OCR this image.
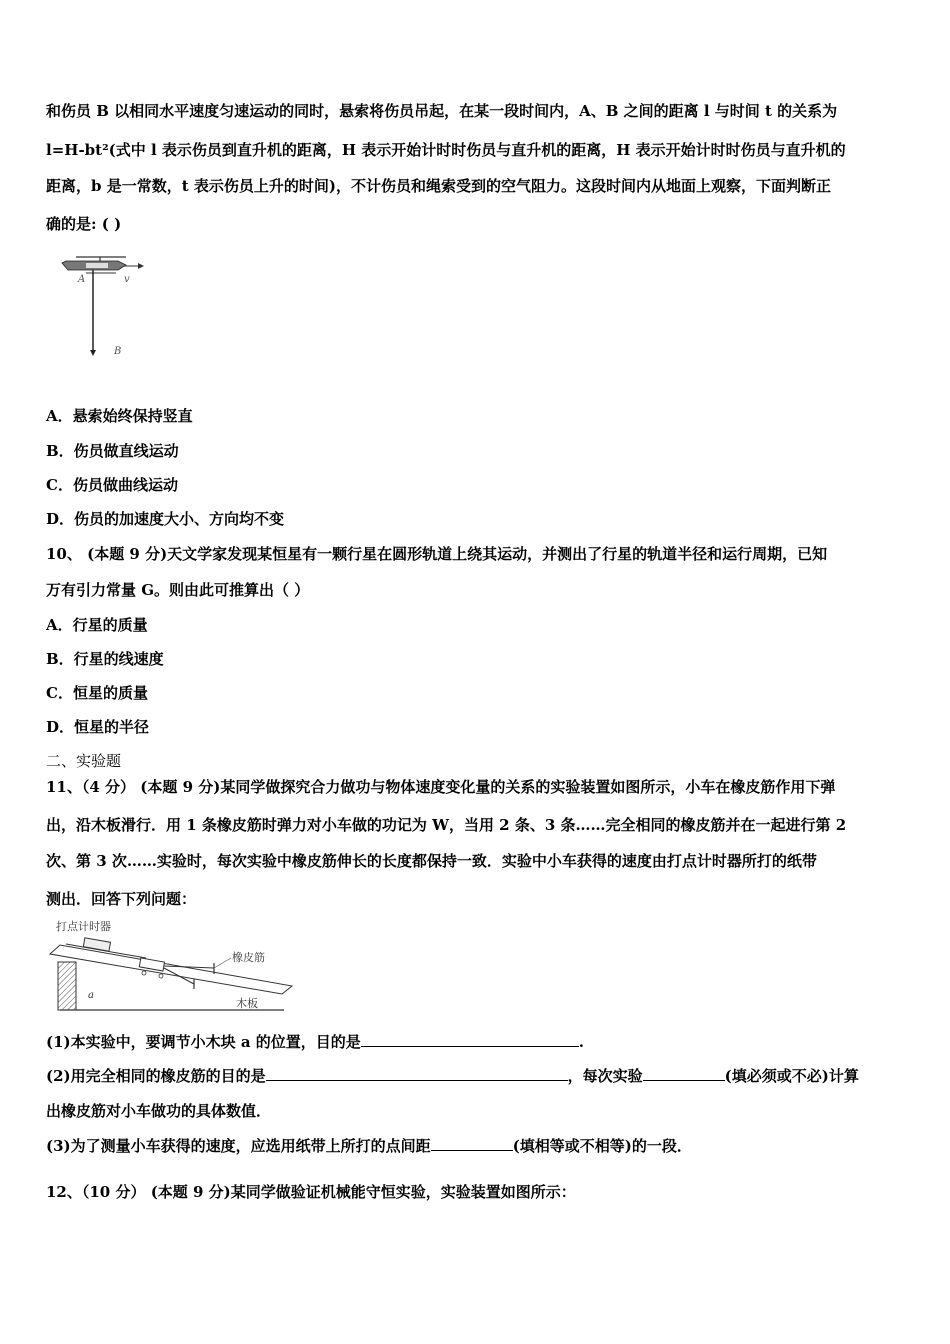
和伤员 B 以相同水平速度匀速运动的同时，悬索将伤员吊起，在某一段时间内，A、B 之间的距离 l 与时间 t 的关系为
l=H-bt²(式中 l 表示伤员到直升机的距离，H 表示开始计时时伤员与直升机的距离，H 表示开始计时时伤员与直升机的
距离，b 是一常数，t 表示伤员上升的时间)，不计伤员和绳索受到的空气阻力。这段时间内从地面上观察，下面判断正
确的是: ( )
A	v
B
A．悬索始终保持竖直
B．伤员做直线运动
C．伤员做曲线运动
D．伤员的加速度大小、方向均不变
10、 (本题 9 分)天文学家发现某恒星有一颗行星在圆形轨道上绕其运动，并测出了行星的轨道半径和运行周期，已知
万有引力常量 G。则由此可推算出（ ）
A．行星的质量
B．行星的线速度
C．恒星的质量
D．恒星的半径
二、实验题
11、（4 分） (本题 9 分)某同学做探究合力做功与物体速度变化量的关系的实验装置如图所示，小车在橡皮筋作用下弹
出，沿木板滑行．用 1 条橡皮筋时弹力对小车做的功记为 W，当用 2 条、3 条……完全相同的橡皮筋并在一起进行第 2
次、第 3 次……实验时，每次实验中橡皮筋伸长的长度都保持一致．实验中小车获得的速度由打点计时器所打的纸带
测出．回答下列问题：
打点计时器
橡皮筋
木板
a
(1)本实验中，要调节小木块 a 的位置，目的是	.
(2)用完全相同的橡皮筋的目的是	，每次实验	(填必须或不必)计算
出橡皮筋对小车做功的具体数值．
(3)为了测量小车获得的速度，应选用纸带上所打的点间距	(填相等或不相等)的一段．
12、（10 分） (本题 9 分)某同学做验证机械能守恒实验，实验装置如图所示：
